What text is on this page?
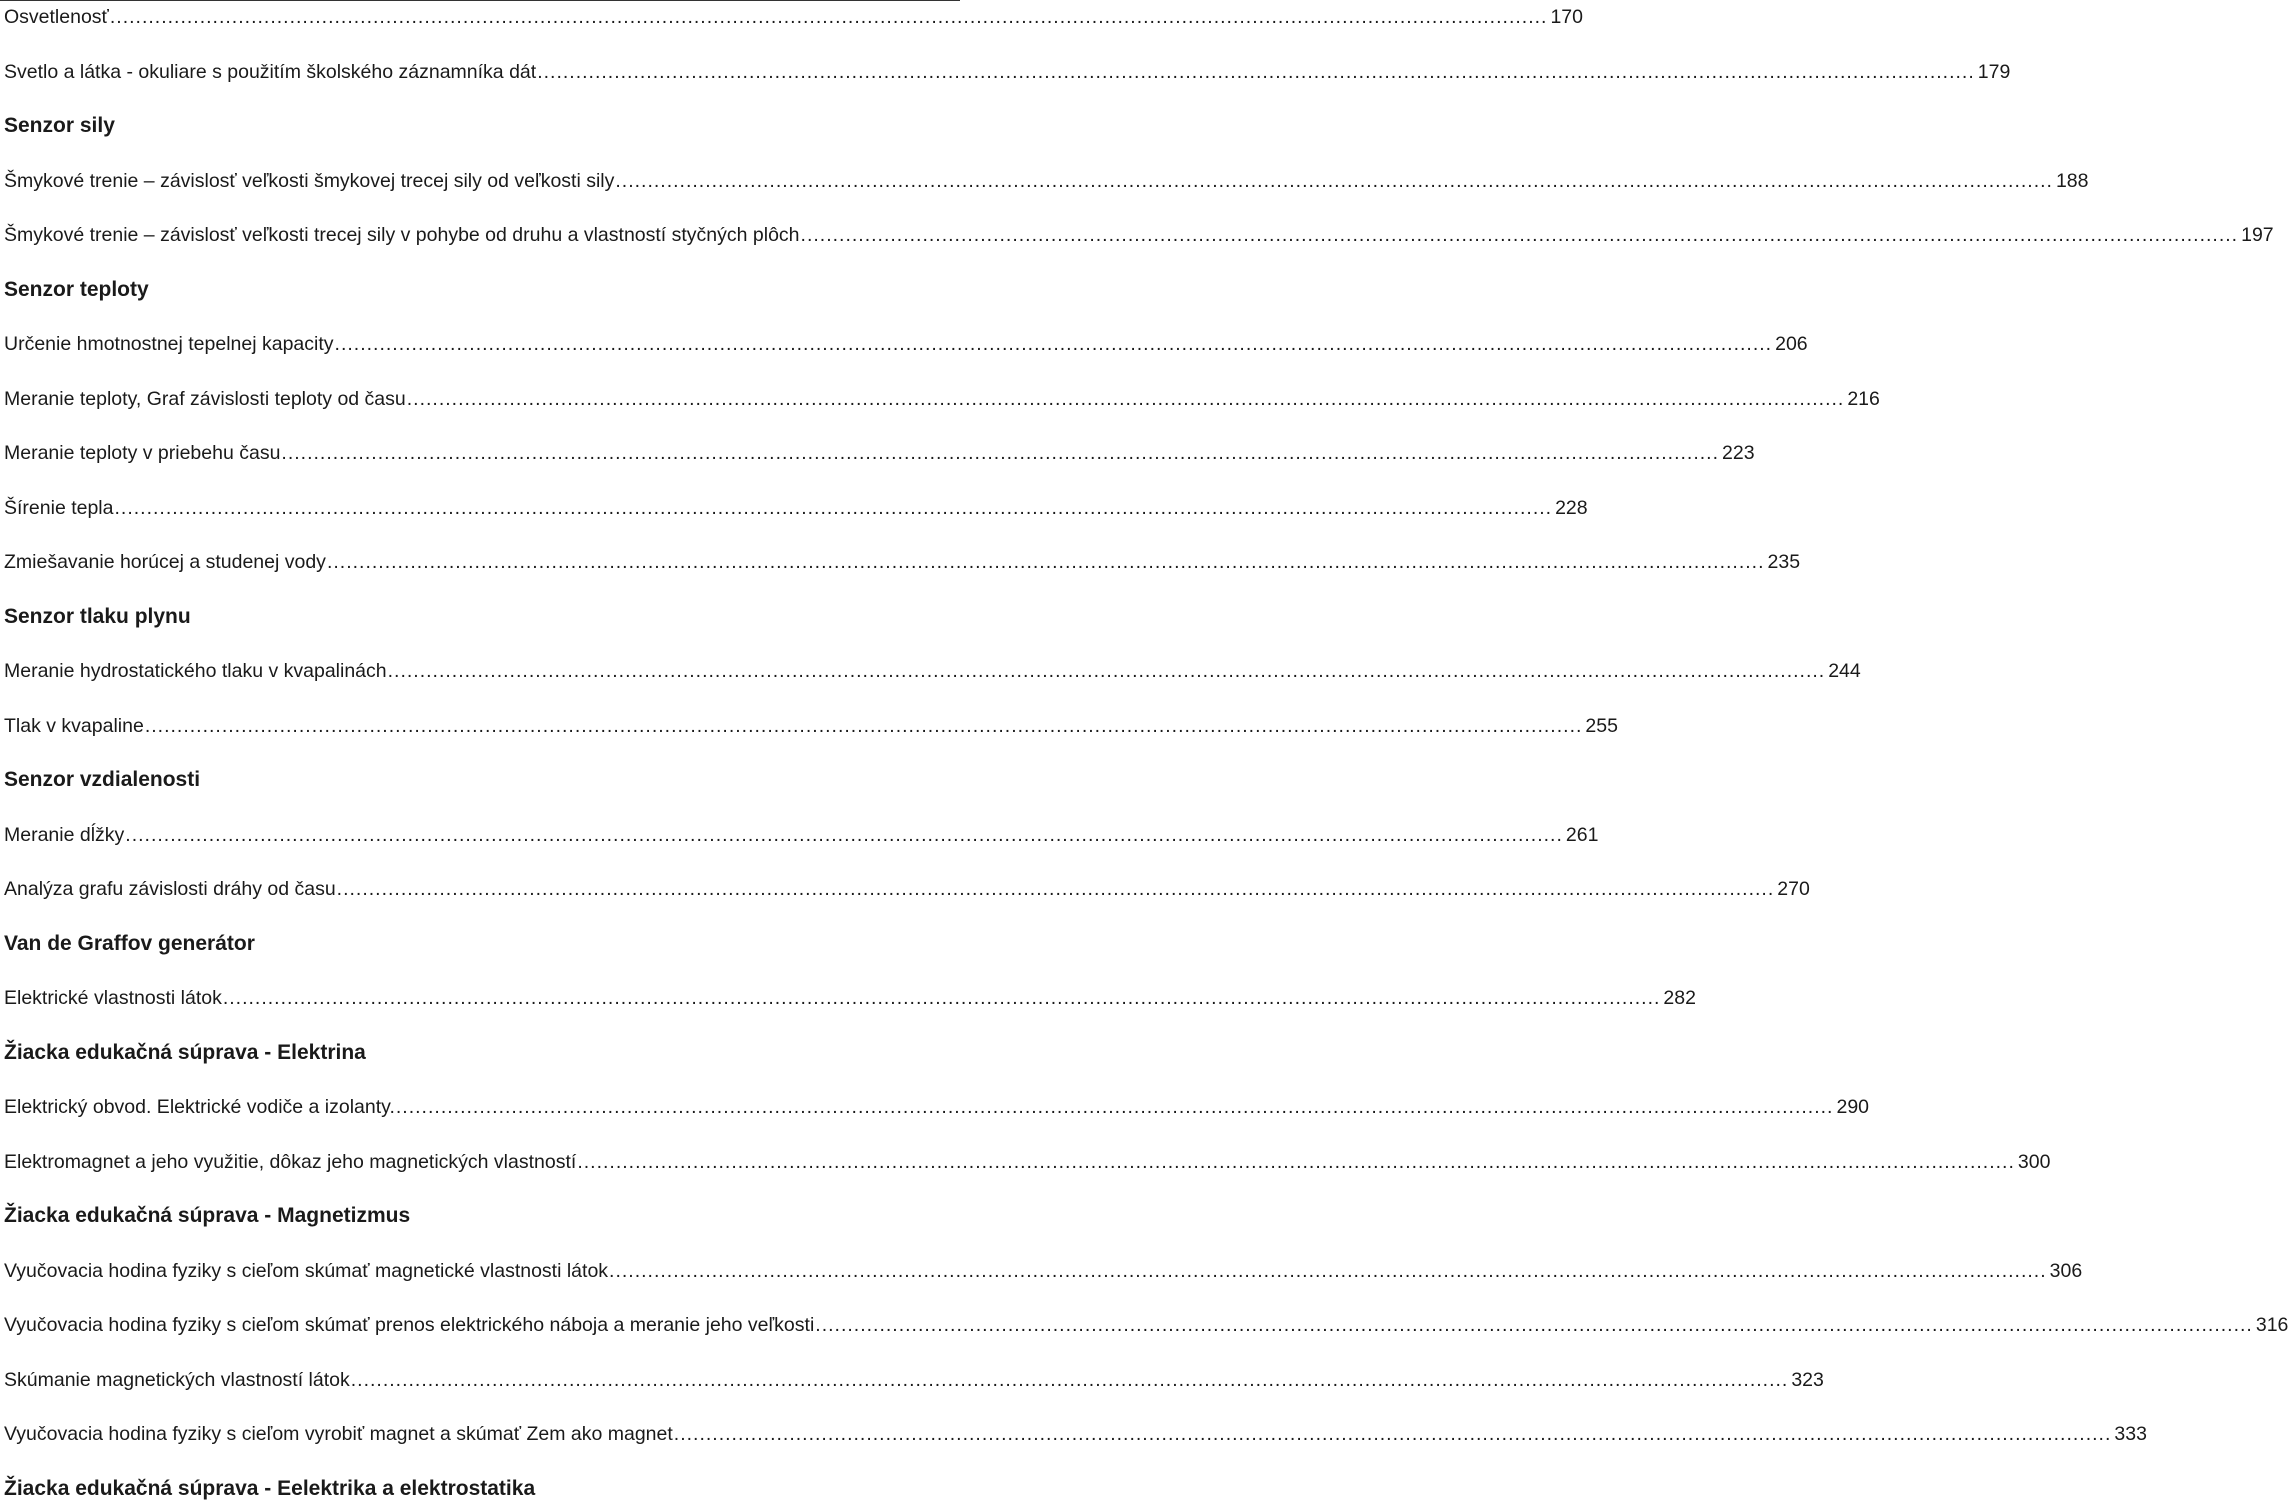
Osvetlenosť .....	170
Svetlo a látka - okuliare s použitím školského záznamníka dát .....	179
Senzor sily
Šmykové trenie – závislosť veľkosti šmykovej trecej sily od veľkosti sily .....	188
Šmykové trenie – závislosť veľkosti trecej sily v pohybe od druhu a vlastností styčných plôch .....	197
Senzor teploty
Určenie hmotnostnej tepelnej kapacity .....	206
Meranie teploty, Graf závislosti teploty od času .....	216
Meranie teploty v priebehu času .....	223
Šírenie tepla .....	228
Zmiešavanie horúcej a studenej vody .....	235
Senzor tlaku plynu
Meranie hydrostatického tlaku v kvapalinách .....	244
Tlak v kvapaline .....	255
Senzor vzdialenosti
Meranie dĺžky .....	261
Analýza grafu závislosti dráhy od času .....	270
Van de Graffov generátor
Elektrické vlastnosti látok .....	282
Žiacka edukačná súprava - Elektrina
Elektrický obvod. Elektrické vodiče a izolanty. .....	290
Elektromagnet a jeho využitie, dôkaz jeho magnetických vlastností .....	300
Žiacka edukačná súprava - Magnetizmus
Vyučovacia hodina fyziky s cieľom skúmať magnetické vlastnosti látok .....	306
Vyučovacia hodina fyziky s cieľom skúmať prenos elektrického náboja a meranie jeho veľkosti .....	316
Skúmanie magnetických vlastností látok .....	323
Vyučovacia hodina fyziky s cieľom vyrobiť magnet a skúmať Zem ako magnet .....	333
Žiacka edukačná súprava - Eelektrika a elektrostatika
